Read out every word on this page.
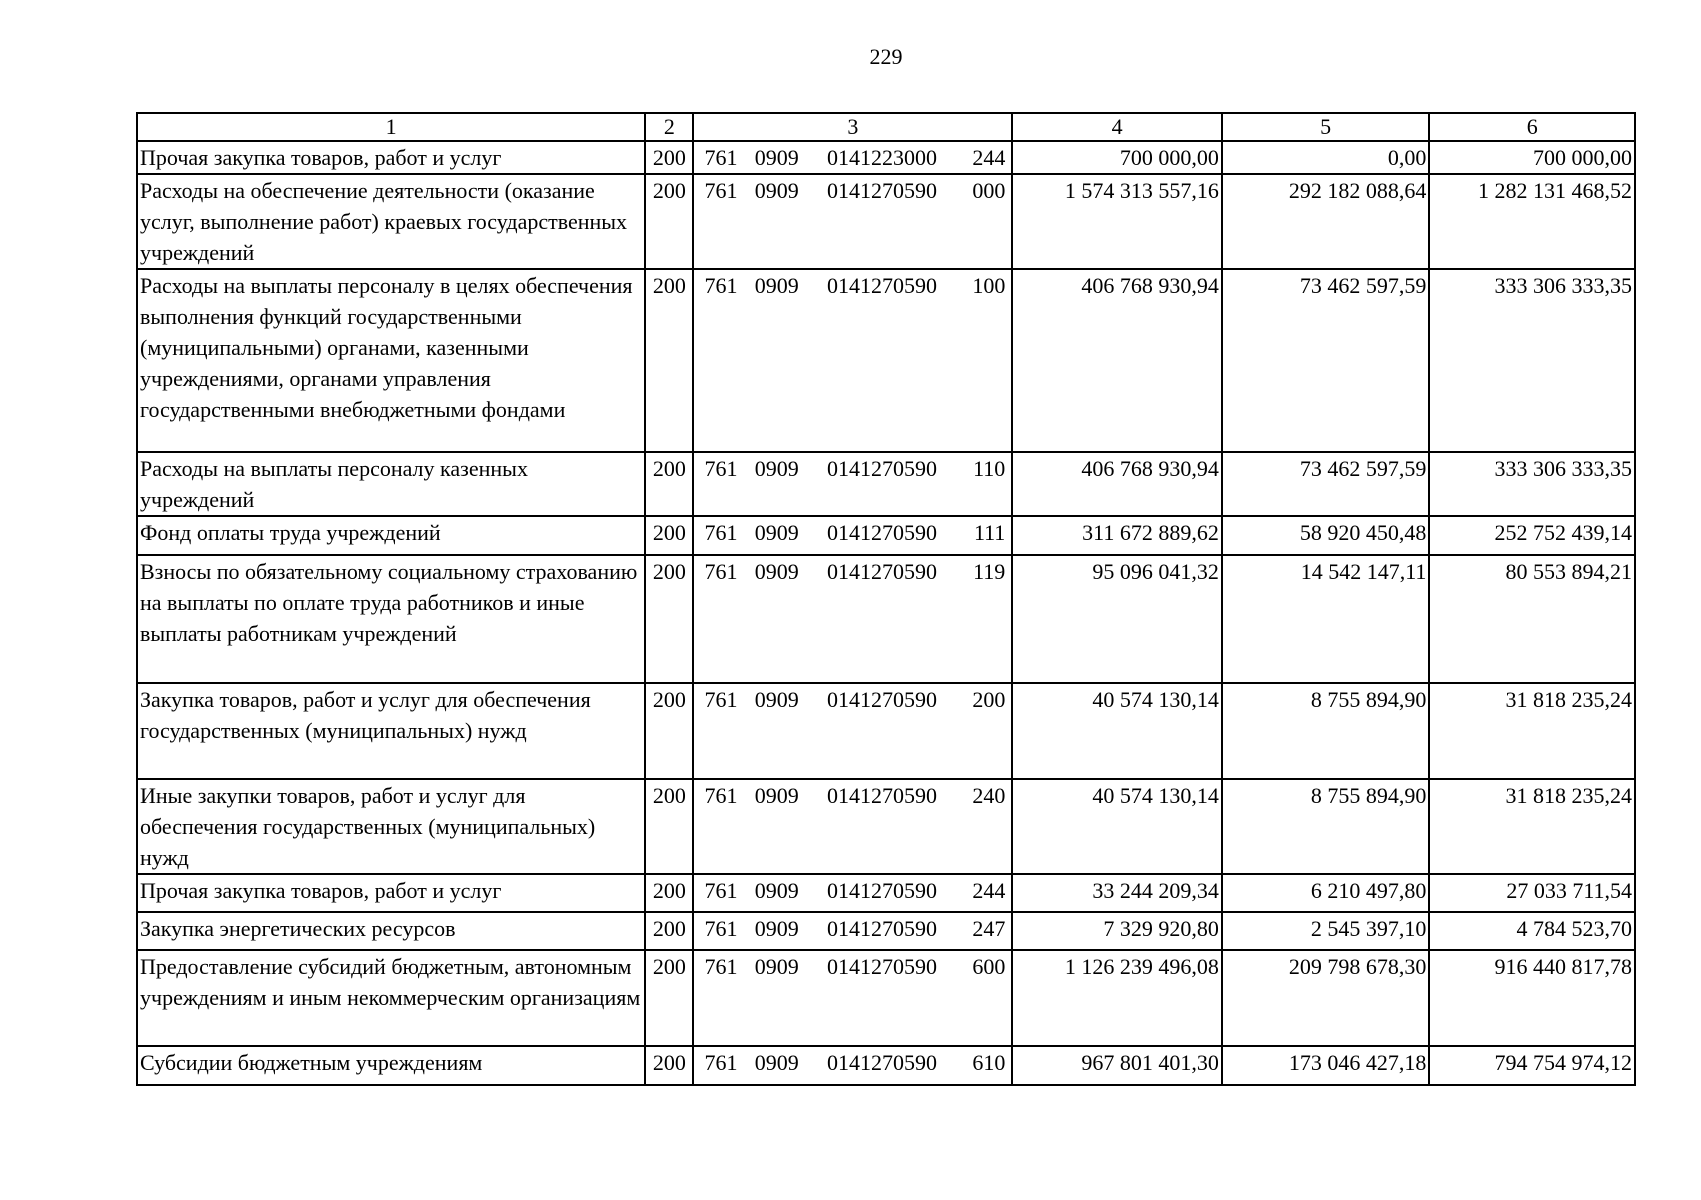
229
1	2	3	4	5	6
Прочая закупка товаров, работ и услуг	200	761 0909 0141223000 244	700 000,00	0,00	700 000,00
Расходы на обеспечение деятельности (оказание услуг, выполнение работ) краевых государственных учреждений	200	761 0909 0141270590 000	1 574 313 557,16	292 182 088,64	1 282 131 468,52
Расходы на выплаты персоналу в целях обеспечения выполнения функций государственными (муниципальными) органами, казенными учреждениями, органами управления государственными внебюджетными фондами	200	761 0909 0141270590 100	406 768 930,94	73 462 597,59	333 306 333,35
Расходы на выплаты персоналу казенных учреждений	200	761 0909 0141270590 110	406 768 930,94	73 462 597,59	333 306 333,35
Фонд оплаты труда учреждений	200	761 0909 0141270590 111	311 672 889,62	58 920 450,48	252 752 439,14
Взносы по обязательному социальному страхованию на выплаты по оплате труда работников и иные выплаты работникам учреждений	200	761 0909 0141270590 119	95 096 041,32	14 542 147,11	80 553 894,21
Закупка товаров, работ и услуг для обеспечения государственных (муниципальных) нужд	200	761 0909 0141270590 200	40 574 130,14	8 755 894,90	31 818 235,24
Иные закупки товаров, работ и услуг для обеспечения государственных (муниципальных) нужд	200	761 0909 0141270590 240	40 574 130,14	8 755 894,90	31 818 235,24
Прочая закупка товаров, работ и услуг	200	761 0909 0141270590 244	33 244 209,34	6 210 497,80	27 033 711,54
Закупка энергетических ресурсов	200	761 0909 0141270590 247	7 329 920,80	2 545 397,10	4 784 523,70
Предоставление субсидий бюджетным, автономным учреждениям и иным некоммерческим организациям	200	761 0909 0141270590 600	1 126 239 496,08	209 798 678,30	916 440 817,78
Субсидии бюджетным учреждениям	200	761 0909 0141270590 610	967 801 401,30	173 046 427,18	794 754 974,12
